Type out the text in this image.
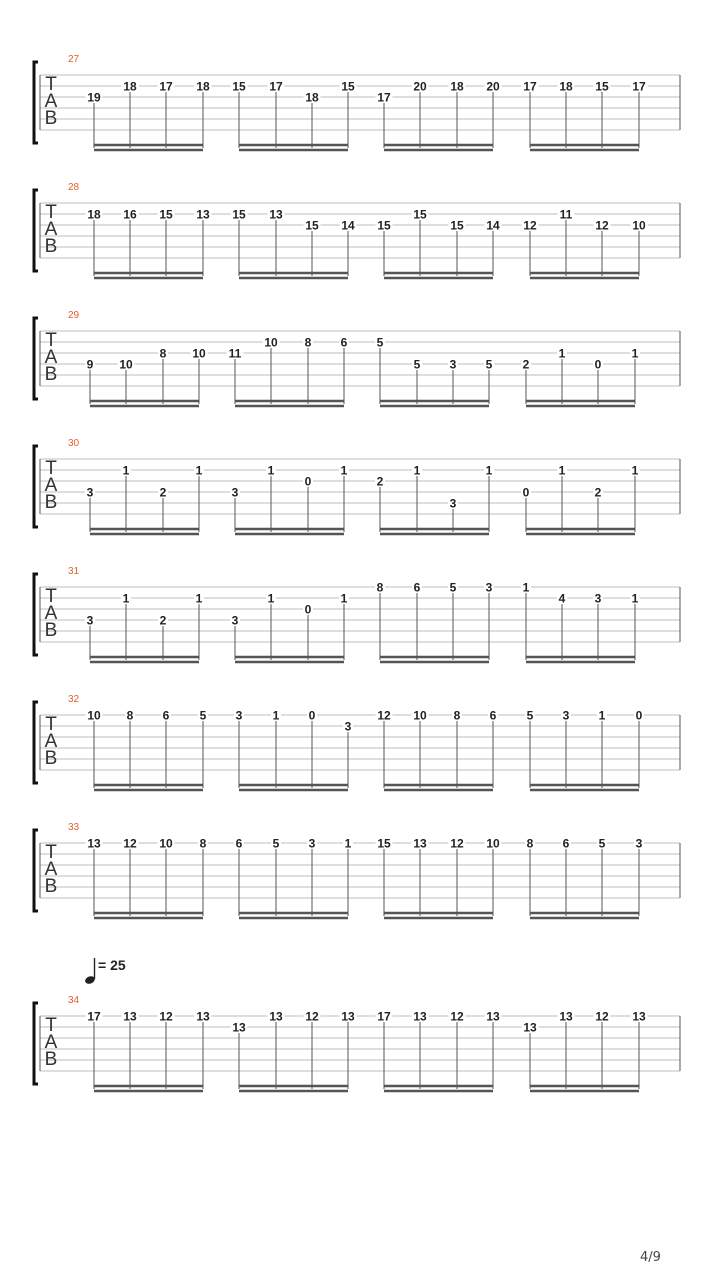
T
A
B
27
19
18 17 18 15 17
18
15
17
20 18 20 17 18 15 17
T
A
B
28
18 16 15 13 15 13
15 14 15
15
15 14 12
11
12 10
T
A
B
29
9 10
8 10 11
10 8 6 5
5 3 5	2
1
0
1
T
A
B
30
3
1
2
1
3
1
0
1
2
1
3
1
0
1
2
1
T
A
B
31
3
1
2
1
3
1
0
1
8	6 5 3	1
4 3	1
T
A
B
32
10 8 6	5 3	1 0
3
12 10 8 6	5 3 1	0
T
A
B
33
13 12 10 8 6	5 3 1 15 13 12 10 8 6 5	3
T
A
B
34
17 13 12 13
13
13 12 13 17 13 12 13
13
13 12 13
= 25
4/9
